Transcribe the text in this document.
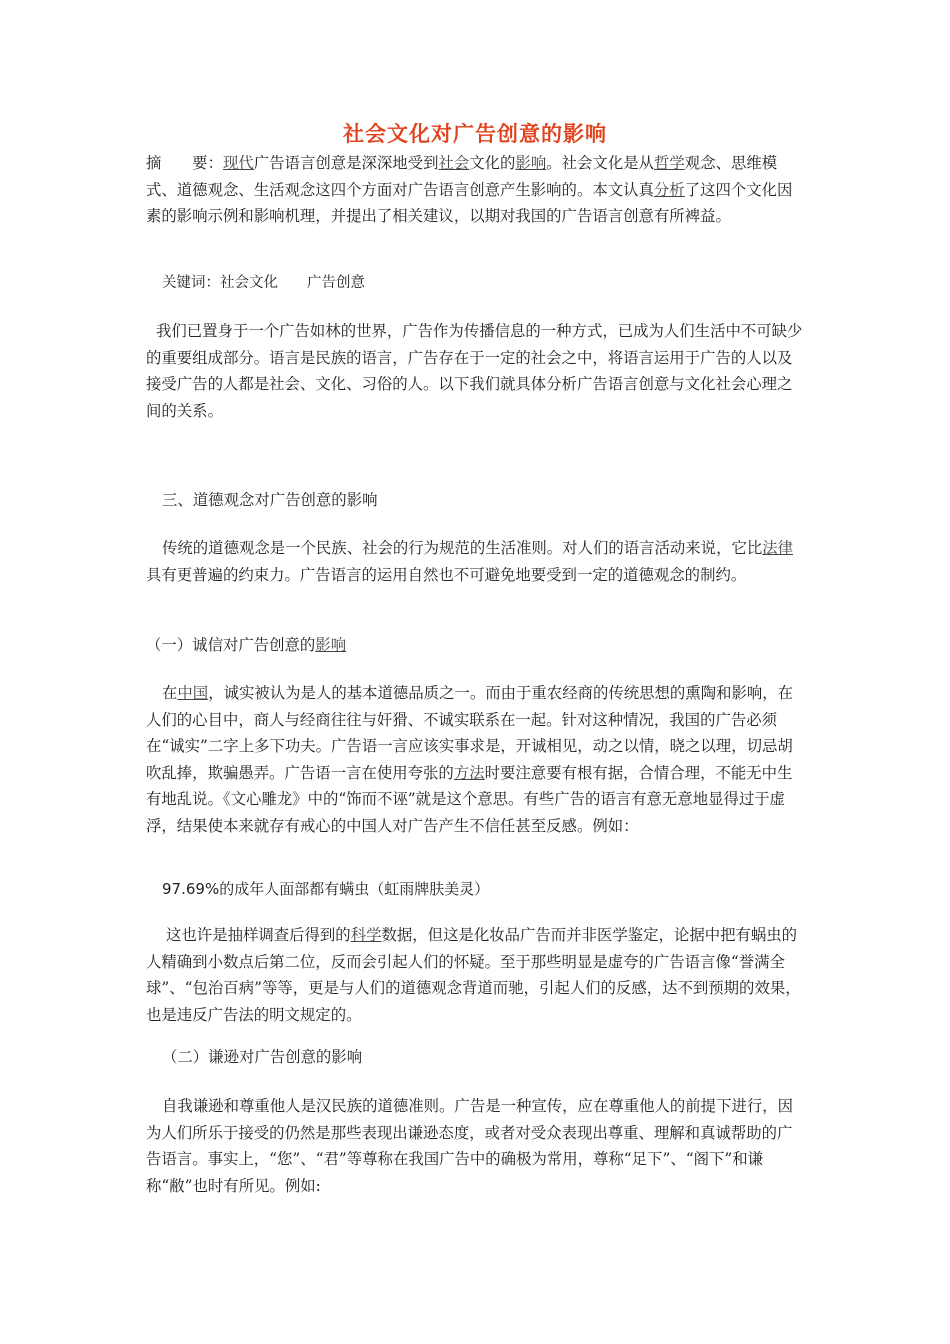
社会文化对广告创意的影响

摘　　要：现代广告语言创意是深深地受到社会文化的影响。社会文化是从哲学观念、思维模式、道德观念、生活观念这四个方面对广告语言创意产生影响的。本文认真分析了这四个文化因素的影响示例和影响机理，并提出了相关建议，以期对我国的广告语言创意有所裨益。

关键词：社会文化　　广告创意
我们已置身于一个广告如林的世界，广告作为传播信息的一种方式，已成为人们生活中不可缺少的重要组成部分。语言是民族的语言，广告存在于一定的社会之中，将语言运用于广告的人以及接受广告的人都是社会、文化、习俗的人。以下我们就具体分析广告语言创意与文化社会心理之间的关系。
三、道德观念对广告创意的影响

传统的道德观念是一个民族、社会的行为规范的生活准则。对人们的语言活动来说，它比法律具有更普遍的约束力。广告语言的运用自然也不可避免地要受到一定的道德观念的制约。

（一）诚信对广告创意的影响

在中国，诚实被认为是人的基本道德品质之一。而由于重农经商的传统思想的熏陶和影响，在人们的心目中，商人与经商往往与奸猾、不诚实联系在一起。针对这种情况，我国的广告必须在“诚实”二字上多下功夫。广告语一言应该实事求是，开诚相见，动之以情，晓之以理，切忌胡吹乱捧，欺骗愚弄。广告语一言在使用夸张的方法时要注意要有根有据，合情合理，不能无中生有地乱说。《文心雕龙》中的“饰而不诬”就是这个意思。有些广告的语言有意无意地显得过于虚浮，结果使本来就存有戒心的中国人对广告产生不信任甚至反感。例如：

97.69%的成年人面部都有螨虫（虹雨牌肤美灵）

这也许是抽样调查后得到的科学数据，但这是化妆品广告而并非医学鉴定，论据中把有蜗虫的人精确到小数点后第二位，反而会引起人们的怀疑。至于那些明显是虚夸的广告语言像“誉满全球”、“包治百病”等等，更是与人们的道德观念背道而驰，引起人们的反感，达不到预期的效果，也是违反广告法的明文规定的。

（二）谦逊对广告创意的影响
自我谦逊和尊重他人是汉民族的道德准则。广告是一种宣传，应在尊重他人的前提下进行，因为人们所乐于接受的仍然是那些表现出谦逊态度，或者对受众表现出尊重、理解和真诚帮助的广告语言。事实上，“您”、“君”等尊称在我国广告中的确极为常用，尊称“足下”、“阁下”和谦称“敝”也时有所见。例如:
